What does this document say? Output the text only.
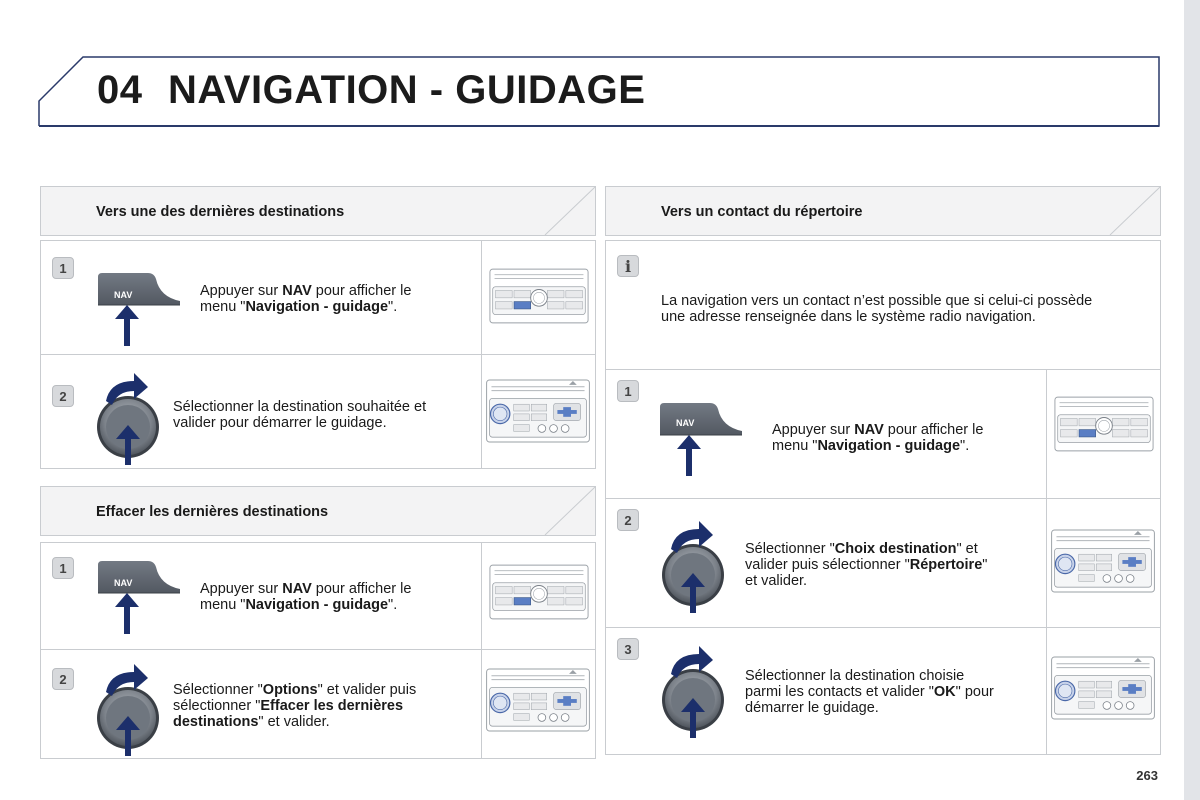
04 NAVIGATION - GUIDAGE
Vers une des dernières destinations
1
NAV	Appuyer sur NAV pour afficher le
menu "Navigation - guidage".
2
Sélectionner la destination souhaitée et
valider pour démarrer le guidage.
Effacer les dernières destinations
1
NAV	Appuyer sur NAV pour afficher le
menu "Navigation - guidage".
2
Sélectionner "Options" et valider puis
sélectionner "Effacer les dernières
destinations" et valider.
Vers un contact du répertoire
i
La navigation vers un contact n’est possible que si celui-ci possède
une adresse renseignée dans le système radio navigation.
1
NAV	Appuyer sur NAV pour afficher le
menu "Navigation - guidage".
2
Sélectionner "Choix destination" et
valider puis sélectionner "Répertoire"
et valider.
3
Sélectionner la destination choisie
parmi les contacts et valider "OK" pour
démarrer le guidage.
263
